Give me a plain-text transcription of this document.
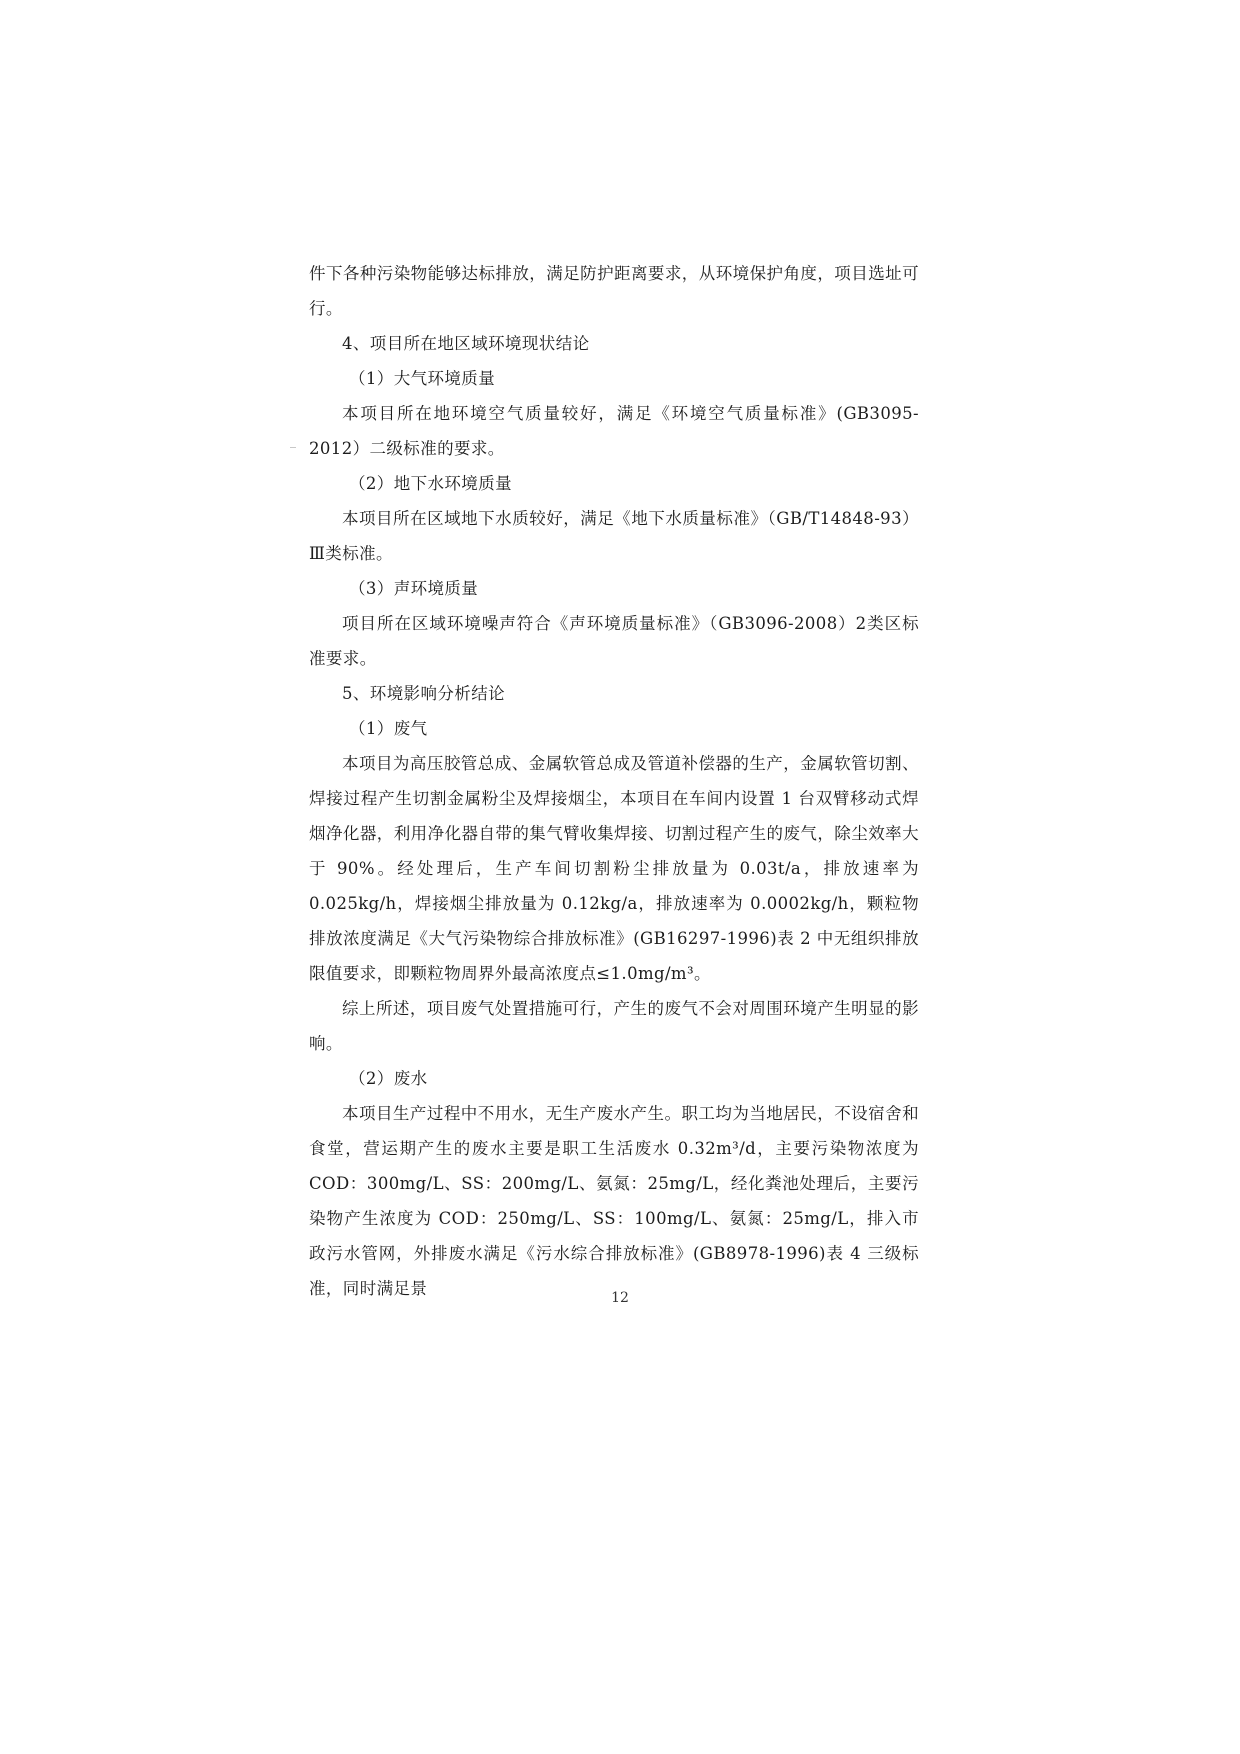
件下各种污染物能够达标排放，满足防护距离要求，从环境保护角度，项目选址可行。

4、项目所在地区域环境现状结论

（1）大气环境质量

本项目所在地环境空气质量较好，满足《环境空气质量标准》(GB3095-2012）二级标准的要求。

（2）地下水环境质量

本项目所在区域地下水质较好，满足《地下水质量标准》（GB/T14848-93）Ⅲ类标准。

（3）声环境质量

项目所在区域环境噪声符合《声环境质量标准》（GB3096-2008）2类区标准要求。

5、环境影响分析结论

（1）废气

本项目为高压胶管总成、金属软管总成及管道补偿器的生产，金属软管切割、焊接过程产生切割金属粉尘及焊接烟尘，本项目在车间内设置 1 台双臂移动式焊烟净化器，利用净化器自带的集气臂收集焊接、切割过程产生的废气，除尘效率大于 90%。经处理后，生产车间切割粉尘排放量为 0.03t/a，排放速率为 0.025kg/h，焊接烟尘排放量为 0.12kg/a，排放速率为 0.0002kg/h，颗粒物排放浓度满足《大气污染物综合排放标准》(GB16297-1996)表 2 中无组织排放限值要求，即颗粒物周界外最高浓度点≤1.0mg/m³。

综上所述，项目废气处置措施可行，产生的废气不会对周围环境产生明显的影响。

（2）废水

本项目生产过程中不用水，无生产废水产生。职工均为当地居民，不设宿舍和食堂，营运期产生的废水主要是职工生活废水 0.32m³/d，主要污染物浓度为 COD：300mg/L、SS：200mg/L、氨氮：25mg/L，经化粪池处理后，主要污染物产生浓度为 COD：250mg/L、SS：100mg/L、氨氮：25mg/L，排入市政污水管网，外排废水满足《污水综合排放标准》(GB8978-1996)表 4 三级标准，同时满足景	12
